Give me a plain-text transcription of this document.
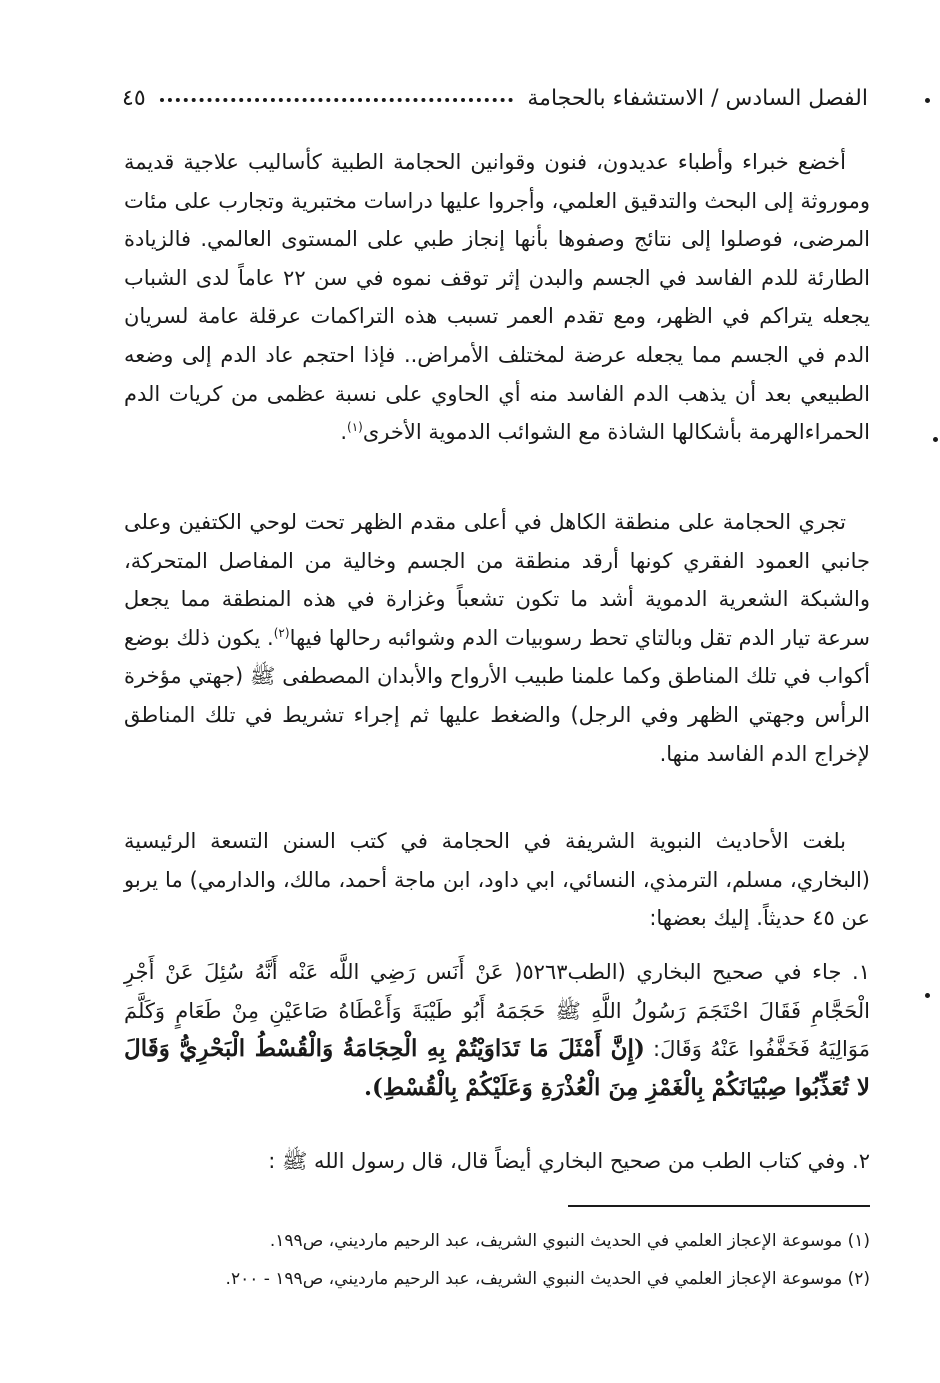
الفصل السادس / الاستشفاء بالحجامة
٤٥

أخضع خبراء وأطباء عديدون، فنون وقوانين الحجامة الطبية كأساليب علاجية قديمة وموروثة إلى البحث والتدقيق العلمي، وأجروا عليها دراسات مختبرية وتجارب على مئات المرضى، فوصلوا إلى نتائج وصفوها بأنها إنجاز طبي على المستوى العالمي. فالزيادة الطارئة للدم الفاسد في الجسم والبدن إثر توقف نموه في سن ٢٢ عاماً لدى الشباب يجعله يتراكم في الظهر، ومع تقدم العمر تسبب هذه التراكمات عرقلة عامة لسريان الدم في الجسم مما يجعله عرضة لمختلف الأمراض.. فإذا احتجم عاد الدم إلى وضعه الطبيعي بعد أن يذهب الدم الفاسد منه أي الحاوي على نسبة عظمى من كريات الدم الحمراءالهرمة بأشكالها الشاذة مع الشوائب الدموية الأخرى$^{(١)}$.

تجري الحجامة على منطقة الكاهل في أعلى مقدم الظهر تحت لوحي الكتفين وعلى جانبي العمود الفقري كونها أرقد منطقة من الجسم وخالية من المفاصل المتحركة، والشبكة الشعرية الدموية أشد ما تكون تشعباً وغزارة في هذه المنطقة مما يجعل سرعة تيار الدم تقل وبالتاي تحط رسوبيات الدم وشوائبه رحالها فيها$^{(٢)}$. يكون ذلك بوضع أكواب في تلك المناطق وكما علمنا طبيب الأرواح والأبدان المصطفى ﷺ (جهتي مؤخرة الرأس وجهتي الظهر وفي الرجل) والضغط عليها ثم إجراء تشريط في تلك المناطق لإخراج الدم الفاسد منها.

بلغت الأحاديث النبوية الشريفة في الحجامة في كتب السنن التسعة الرئيسية (البخاري، مسلم، الترمذي، النسائي، ابي داود، ابن ماجة أحمد، مالك، والدارمي) ما يربو عن ٤٥ حديثاً. إليك بعضها:

١. جاء في صحيح البخاري (الطب٥٢٦٣( عَنْ أَنَس رَضِي اللَّه عَنْه أَنَّهُ سُئِلَ عَنْ أَجْرِ الْحَجَّامِ فَقَالَ احْتَجَمَ رَسُولُ اللَّهِ ﷺ حَجَمَهُ أَبُو طَيْبَةَ وَأَعْطَاهُ صَاعَيْنِ مِنْ طَعَامٍ وَكَلَّمَ مَوَالِيَهُ فَخَفَّفُوا عَنْهُ وَقَالَ: (إِنَّ أَمْثَلَ مَا تَدَاوَيْتُمْ بِهِ الْحِجَامَةُ وَالْقُسْطُ الْبَحْرِيُّ وَقَالَ لا تُعَذِّبُوا صِبْيَانَكُمْ بِالْغَمْزِ مِنَ الْعُذْرَةِ وَعَلَيْكُمْ بِالْقُسْطِ).

٢. وفي كتاب الطب من صحيح البخاري أيضاً قال، قال رسول الله ﷺ :

(١) موسوعة الإعجاز العلمي في الحديث النبوي الشريف، عبد الرحيم مارديني، ص١٩٩.

(٢) موسوعة الإعجاز العلمي في الحديث النبوي الشريف، عبد الرحيم مارديني، ص١٩٩ - ٢٠٠.
